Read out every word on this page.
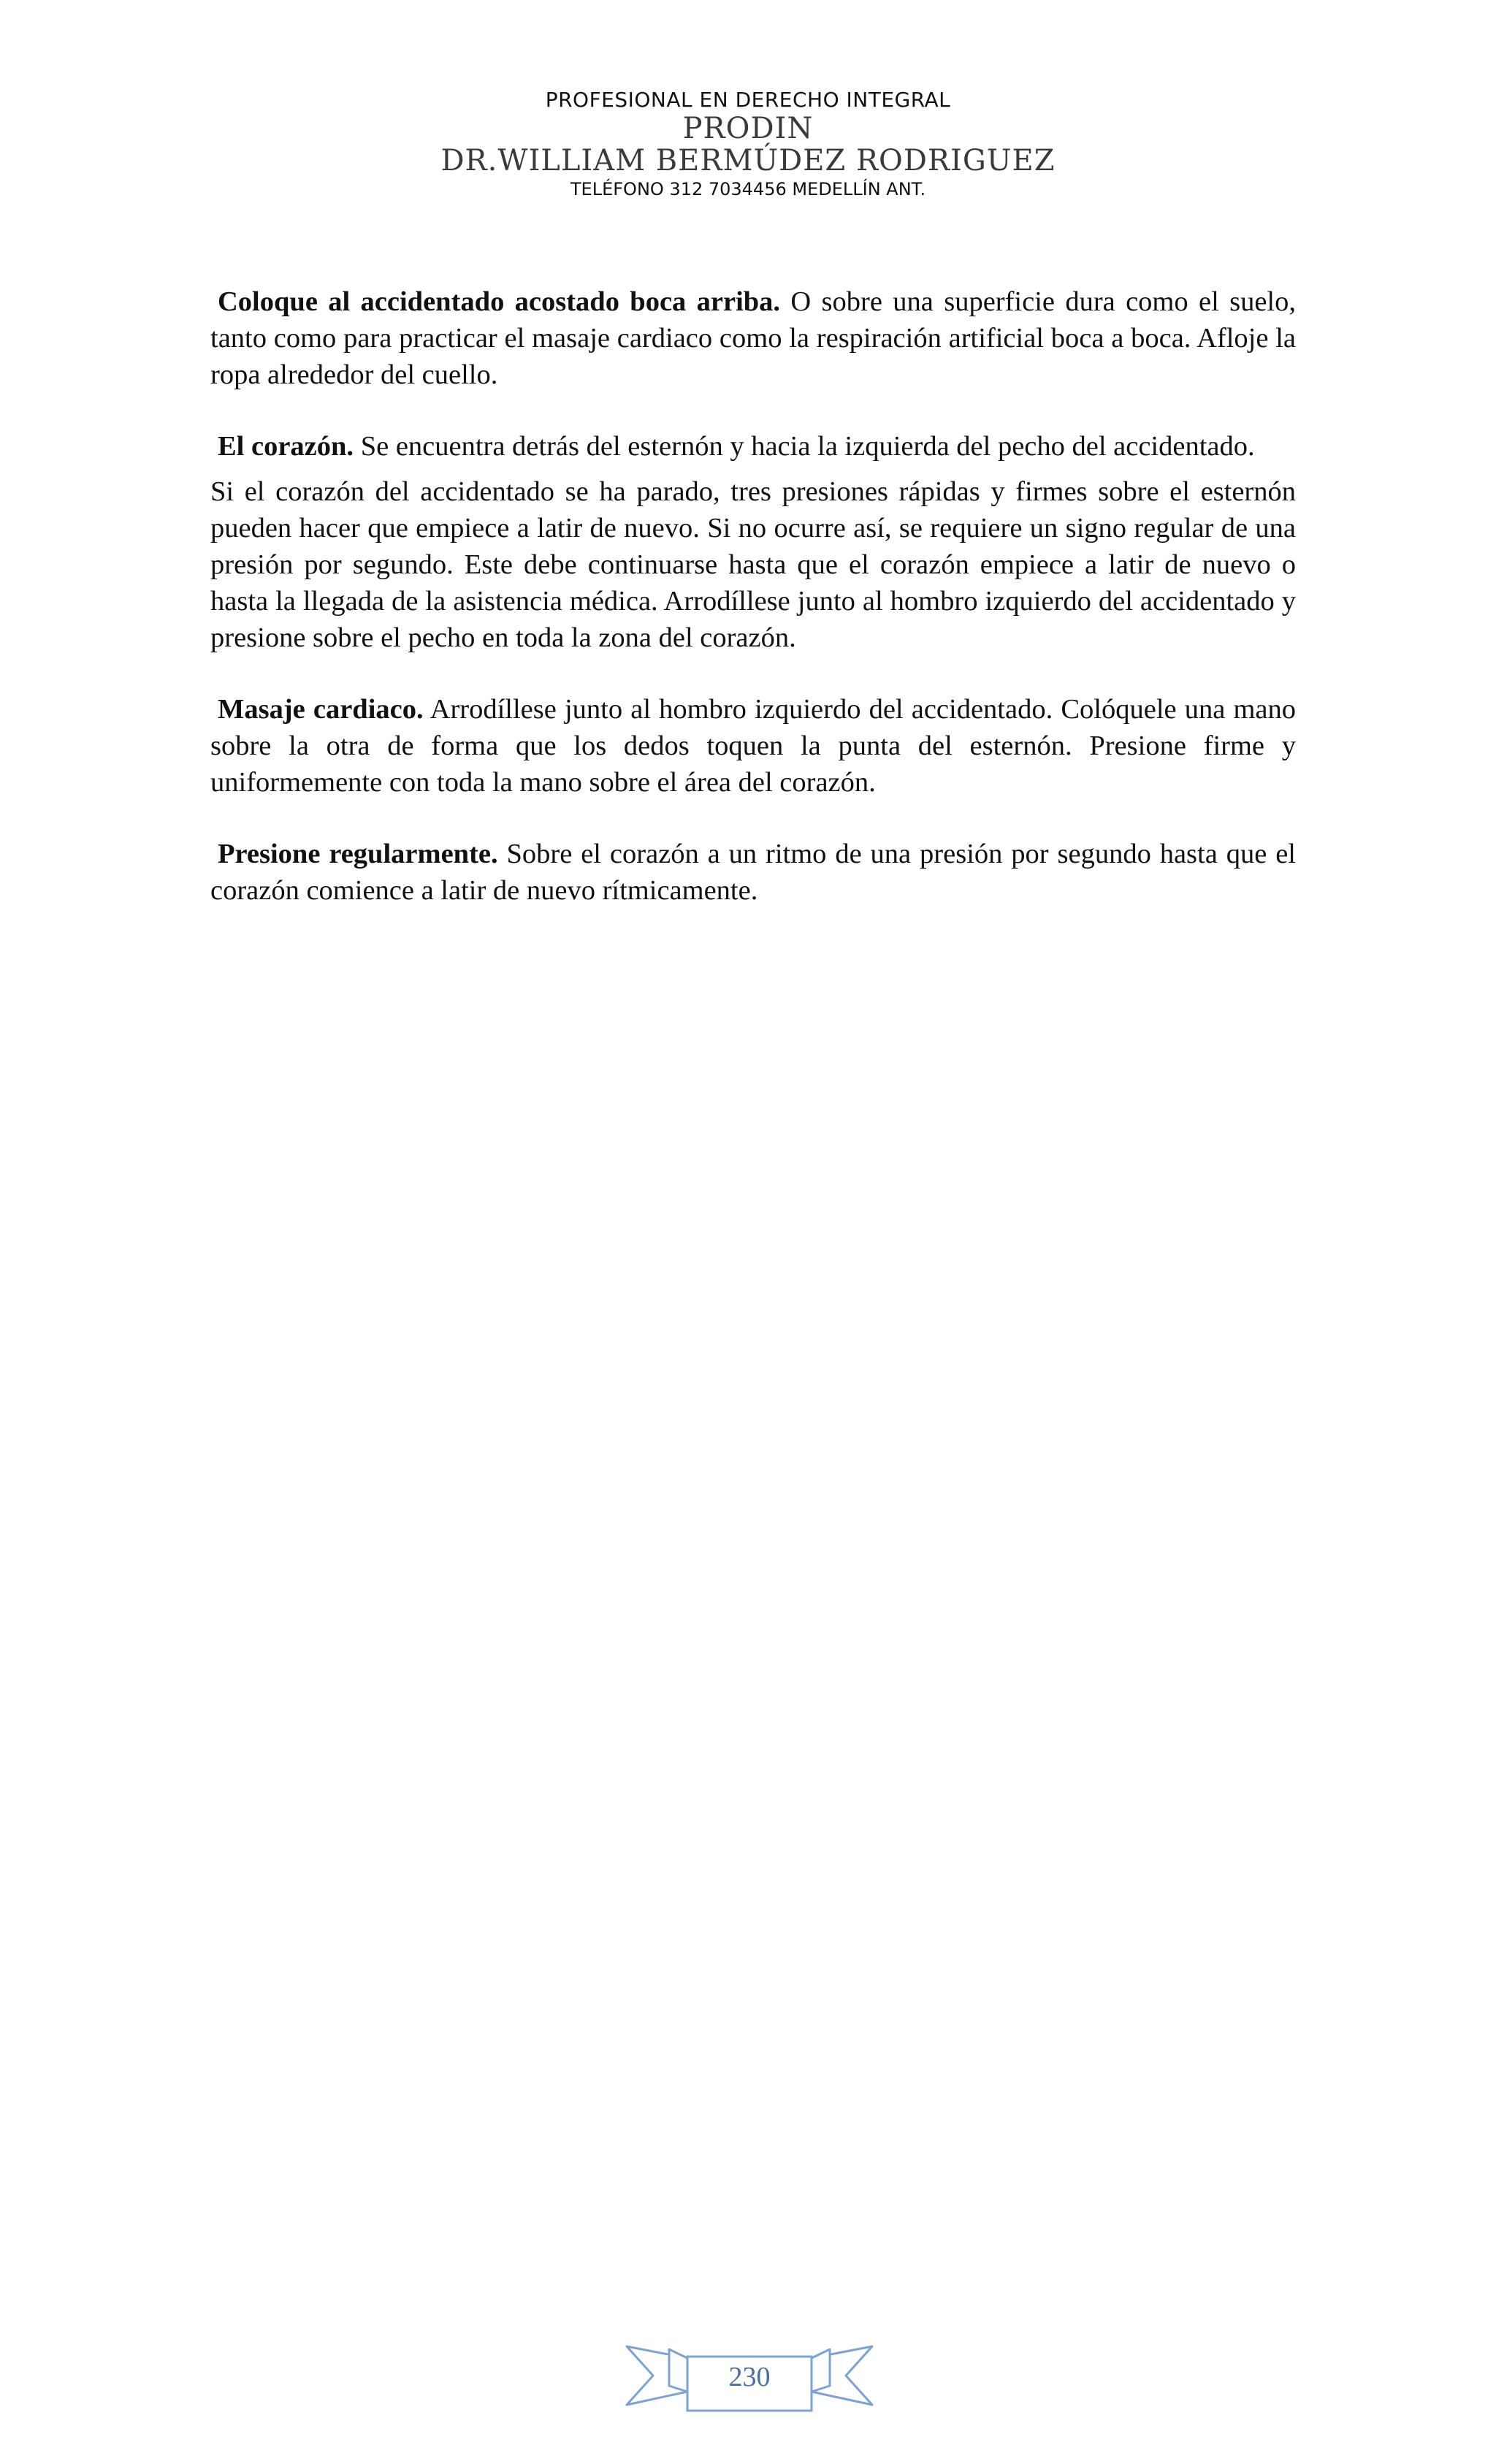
PROFESIONAL EN DERECHO INTEGRAL
PRODIN
DR.WILLIAM BERMÚDEZ RODRIGUEZ
TELÉFONO 312 7034456 MEDELLÍN ANT.

Coloque al accidentado acostado boca arriba. O sobre una superficie dura como el suelo, tanto como para practicar el masaje cardiaco como la respiración artificial boca a boca. Afloje la ropa alrededor del cuello.

El corazón. Se encuentra detrás del esternón y hacia la izquierda del pecho del accidentado.

Si el corazón del accidentado se ha parado, tres presiones rápidas y firmes sobre el esternón pueden hacer que empiece a latir de nuevo. Si no ocurre así, se requiere un signo regular de una presión por segundo. Este debe continuarse hasta que el corazón empiece a latir de nuevo o hasta la llegada de la asistencia médica. Arrodíllese junto al hombro izquierdo del accidentado y presione sobre el pecho en toda la zona del corazón.

Masaje cardiaco. Arrodíllese junto al hombro izquierdo del accidentado. Colóquele una mano sobre la otra de forma que los dedos toquen la punta del esternón. Presione firme y uniformemente con toda la mano sobre el área del corazón.

Presione regularmente. Sobre el corazón a un ritmo de una presión por segundo hasta que el corazón comience a latir de nuevo rítmicamente.

230
